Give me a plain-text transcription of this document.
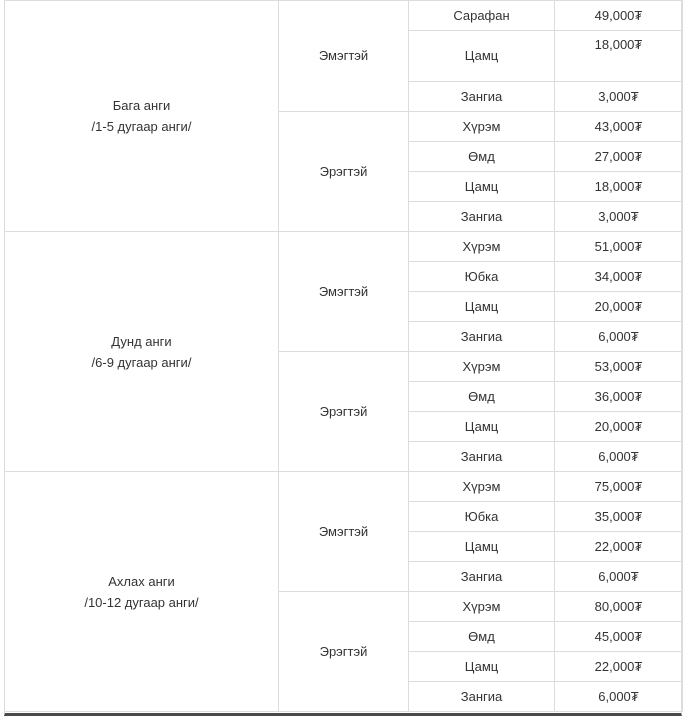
Бага анги
/1-5 дугаар анги/	Эмэгтэй	Сарафан	49,000₮
		Цамц	18,000₮
		Зангиа	3,000₮
	Эрэгтэй	Хүрэм	43,000₮
		Өмд	27,000₮
		Цамц	18,000₮
		Зангиа	3,000₮

Дунд анги
/6-9 дугаар анги/	Эмэгтэй	Хүрэм	51,000₮
		Юбка	34,000₮
		Цамц	20,000₮
		Зангиа	6,000₮
	Эрэгтэй	Хүрэм	53,000₮
		Өмд	36,000₮
		Цамц	20,000₮
		Зангиа	6,000₮

Ахлах анги
/10-12 дугаар анги/	Эмэгтэй	Хүрэм	75,000₮
		Юбка	35,000₮
		Цамц	22,000₮
		Зангиа	6,000₮
	Эрэгтэй	Хүрэм	80,000₮
		Өмд	45,000₮
		Цамц	22,000₮
		Зангиа	6,000₮
